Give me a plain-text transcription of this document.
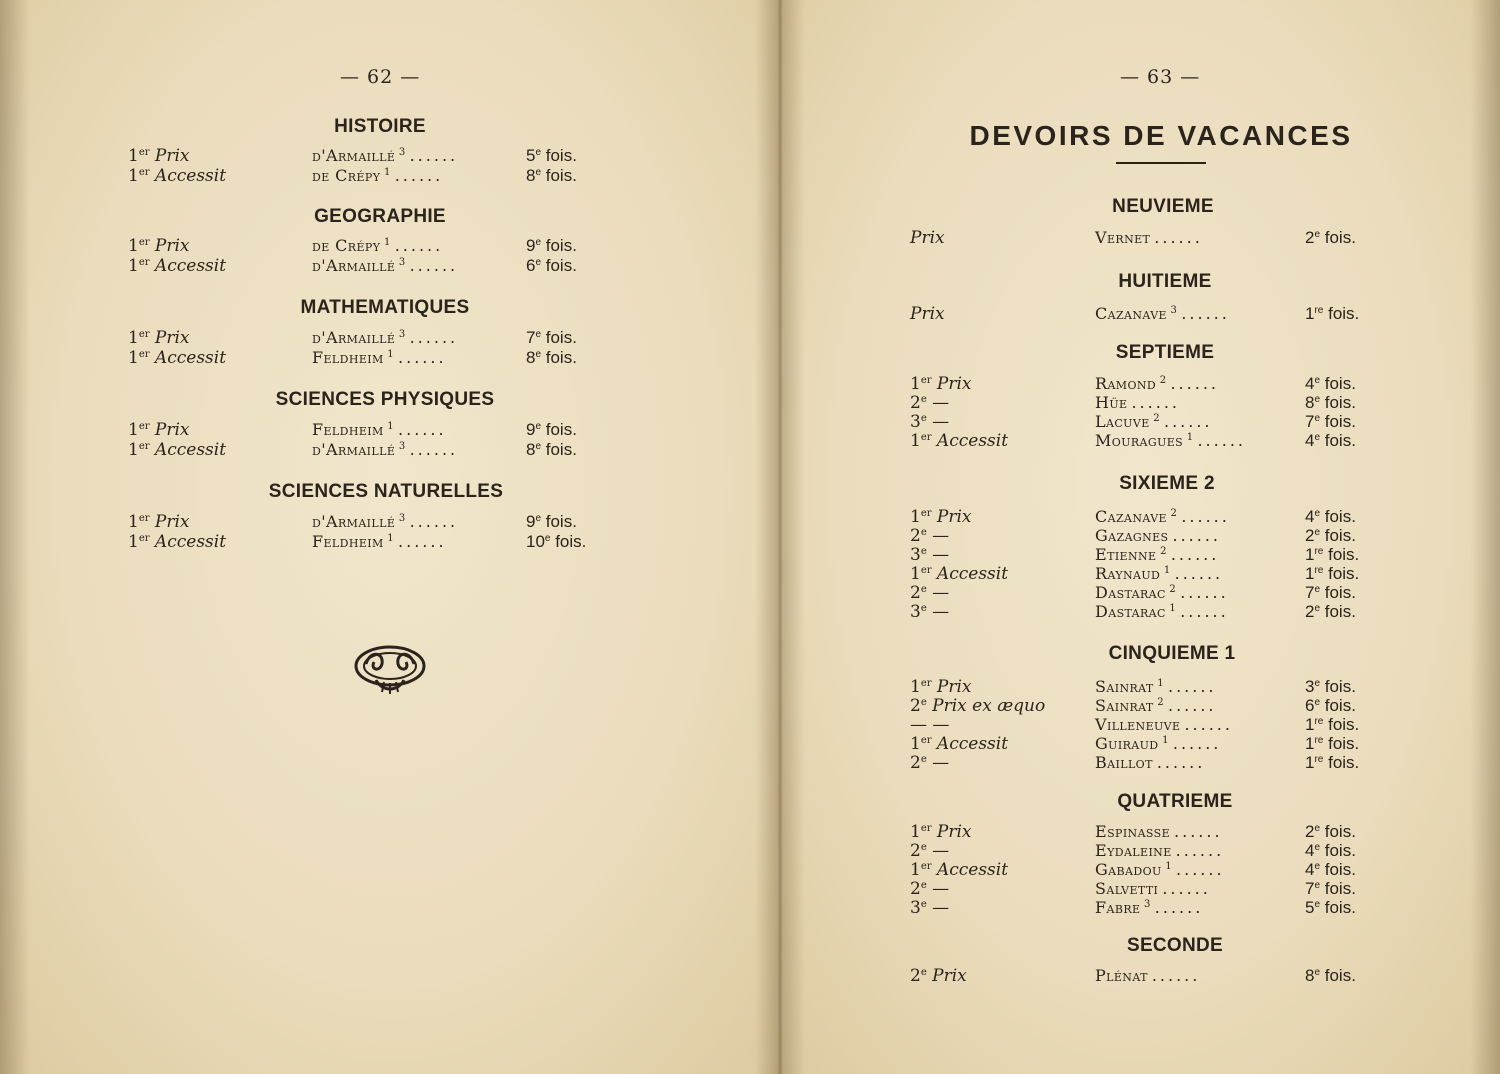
— 62 —
HISTOIRE
GEOGRAPHIE
MATHEMATIQUES
SCIENCES PHYSIQUES
SCIENCES NATURELLES
1er Prix	d'Armaillé $^3$ ......	5e fois.
1er Accessit	de Crépy $^1$ ......	8e fois.
1er Prix	de Crépy $^1$ ......	9e fois.
1er Accessit	d'Armaillé $^3$ ......	6e fois.
1er Prix	d'Armaillé $^3$ ......	7e fois.
1er Accessit	Feldheim $^1$ ......	8e fois.
1er Prix	Feldheim $^1$ ......	9e fois.
1er Accessit	d'Armaillé $^3$ ......	8e fois.
1er Prix	d'Armaillé $^3$ ......	9e fois.
1er Accessit	Feldheim $^1$ ......	10e fois.
— 63 —
DEVOIRS DE VACANCES
NEUVIEME
HUITIEME
SEPTIEME
SIXIEME 2
CINQUIEME 1
QUATRIEME
SECONDE
Prix	Vernet ......	2e fois.
Prix	Cazanave $^3$ ......	1re fois.
1er Prix	Ramond $^2$ ......	4e fois.
2e —	Hüe ......	8e fois.
3e —	Lacuve $^2$ ......	7e fois.
1er Accessit	Mouragues $^1$ ......	4e fois.
1er Prix	Cazanave $^2$ ......	4e fois.
2e —	Gazagnes ......	2e fois.
3e —	Etienne $^2$ ......	1re fois.
1er Accessit	Raynaud $^1$ ......	1re fois.
2e —	Dastarac $^2$ ......	7e fois.
3e —	Dastarac $^1$ ......	2e fois.
1er Prix	Sainrat $^1$ ......	3e fois.
2e Prix ex æquo	Sainrat $^2$ ......	6e fois.
— —	Villeneuve ......	1re fois.
1er Accessit	Guiraud $^1$ ......	1re fois.
2e —	Baillot ......	1re fois.
1er Prix	Espinasse ......	2e fois.
2e —	Eydaleine ......	4e fois.
1er Accessit	Gabadou $^1$ ......	4e fois.
2e —	Salvetti ......	7e fois.
3e —	Fabre $^3$ ......	5e fois.
2e Prix	Plénat ......	8e fois.
